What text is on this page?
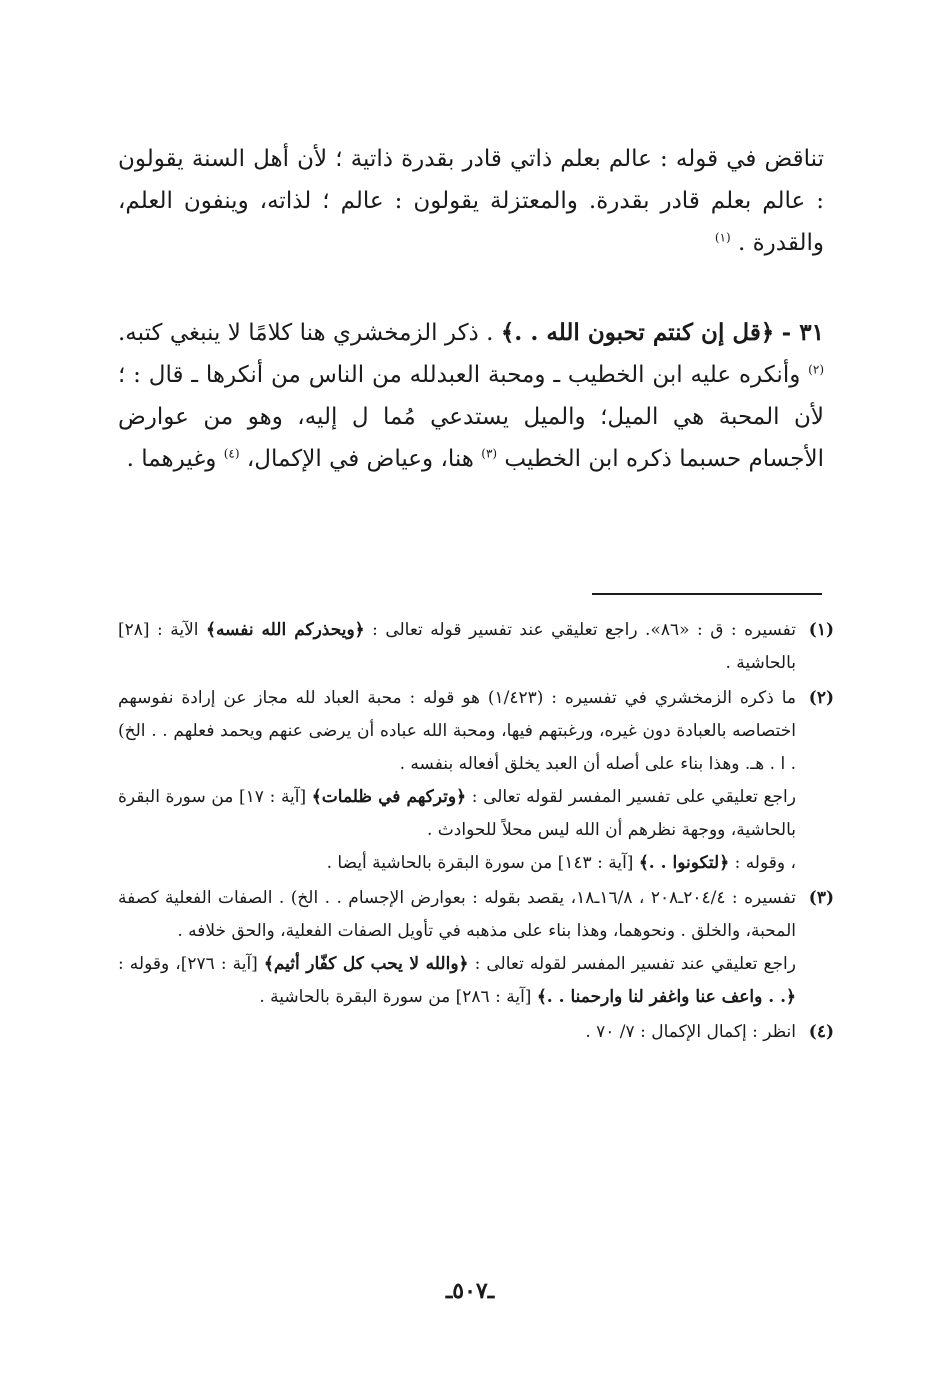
تناقض في قوله : عالم بعلم ذاتي قادر بقدرة ذاتية ؛ لأن أهل السنة يقولون : عالم بعلم قادر بقدرة. والمعتزلة يقولون : عالم ؛ لذاته، وينفون العلم، والقدرة . $^{(١)}$

٣١ - ﴿قل إن كنتم تحبون الله . .﴾ . ذكر الزمخشري هنا كلامًا لا ينبغي كتبه. $^{(٢)}$ وأنكره عليه ابن الخطيب ـ ومحبة العبدلله من الناس من أنكرها ـ قال : ؛لأن المحبة هي الميل؛ والميل يستدعي مُما ل إليه، وهو من عوارض الأجسام حسبما ذكره ابن الخطيب $^{(٣)}$ هنا، وعياض في الإكمال، $^{(٤)}$ وغيرهما .

(١)

تفسيره : ق : «٨٦». راجع تعليقي عند تفسير قوله تعالى : ﴿ويحذركم الله نفسه﴾ الآية : [٢٨] بالحاشية .

(٢)

ما ذكره الزمخشري في تفسيره : (١/٤٢٣) هو قوله : محبة العباد لله مجاز عن إرادة نفوسهم اختصاصه بالعبادة دون غيره، ورغبتهم فيها، ومحبة الله عباده أن يرضى عنهم ويحمد فعلهم . . الخ) . ا . هـ. وهذا بناء على أصله أن العبد يخلق أفعاله بنفسه .

راجع تعليقي على تفسير المفسر لقوله تعالى : ﴿وتركهم في ظلمات﴾ [آية : ١٧] من سورة البقرة بالحاشية، ووجهة نظرهم أن الله ليس محلاً للحوادث .

، وقوله : ﴿لتكونوا . .﴾ [آية : ١٤٣] من سورة البقرة بالحاشية أيضا .

(٣)

تفسيره : ٢٠٤/٤ـ٢٠٨ ، ١٦/٨ـ١٨، يقصد بقوله : بعوارض الإجسام . . الخ) . الصفات الفعلية كصفة المحبة، والخلق . ونحوهما، وهذا بناء على مذهبه في تأويل الصفات الفعلية، والحق خلافه .

راجع تعليقي عند تفسير المفسر لقوله تعالى : ﴿والله لا يحب كل كفّار أثيم﴾ [آية : ٢٧٦]، وقوله : ﴿. . واعف عنا واغفر لنا وارحمنا . .﴾ [آية : ٢٨٦] من سورة البقرة بالحاشية .

(٤)

انظر : إكمال الإكمال : ٧/ ٧٠ .

ـ٥٠٧ـ
